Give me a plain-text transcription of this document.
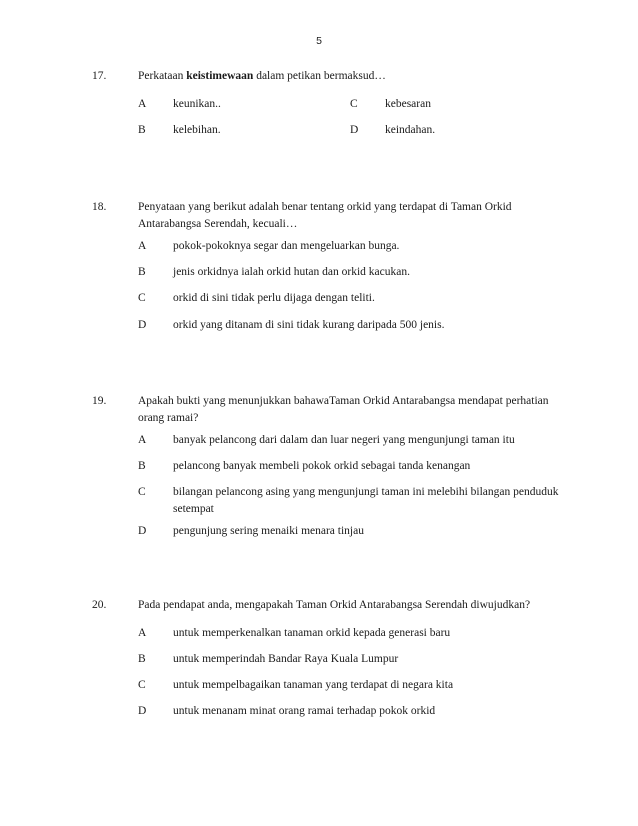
5
17.	Perkataan keistimewaan dalam petikan bermaksud…
A keunikan..	C kebesaran
B kelebihan.	D keindahan.
18.	Penyataan yang berikut adalah benar tentang orkid yang terdapat di Taman Orkid Antarabangsa Serendah, kecuali…
A pokok-pokoknya segar dan mengeluarkan bunga.
B jenis orkidnya ialah orkid hutan dan orkid kacukan.
C orkid di sini tidak perlu dijaga dengan teliti.
D orkid yang ditanam di sini tidak kurang daripada 500 jenis.
19.	Apakah bukti yang menunjukkan bahawaTaman Orkid Antarabangsa mendapat perhatian orang ramai?
A banyak pelancong dari dalam dan luar negeri yang mengunjungi taman itu
B pelancong banyak membeli pokok orkid sebagai tanda kenangan
C bilangan pelancong asing yang mengunjungi taman ini melebihi bilangan penduduk setempat
D pengunjung sering menaiki menara tinjau
20.	Pada pendapat anda, mengapakah Taman Orkid Antarabangsa Serendah diwujudkan?
A untuk memperkenalkan tanaman orkid kepada generasi baru
B untuk memperindah Bandar Raya Kuala Lumpur
C untuk mempelbagaikan tanaman yang terdapat di negara kita
D untuk menanam minat orang ramai terhadap pokok orkid
